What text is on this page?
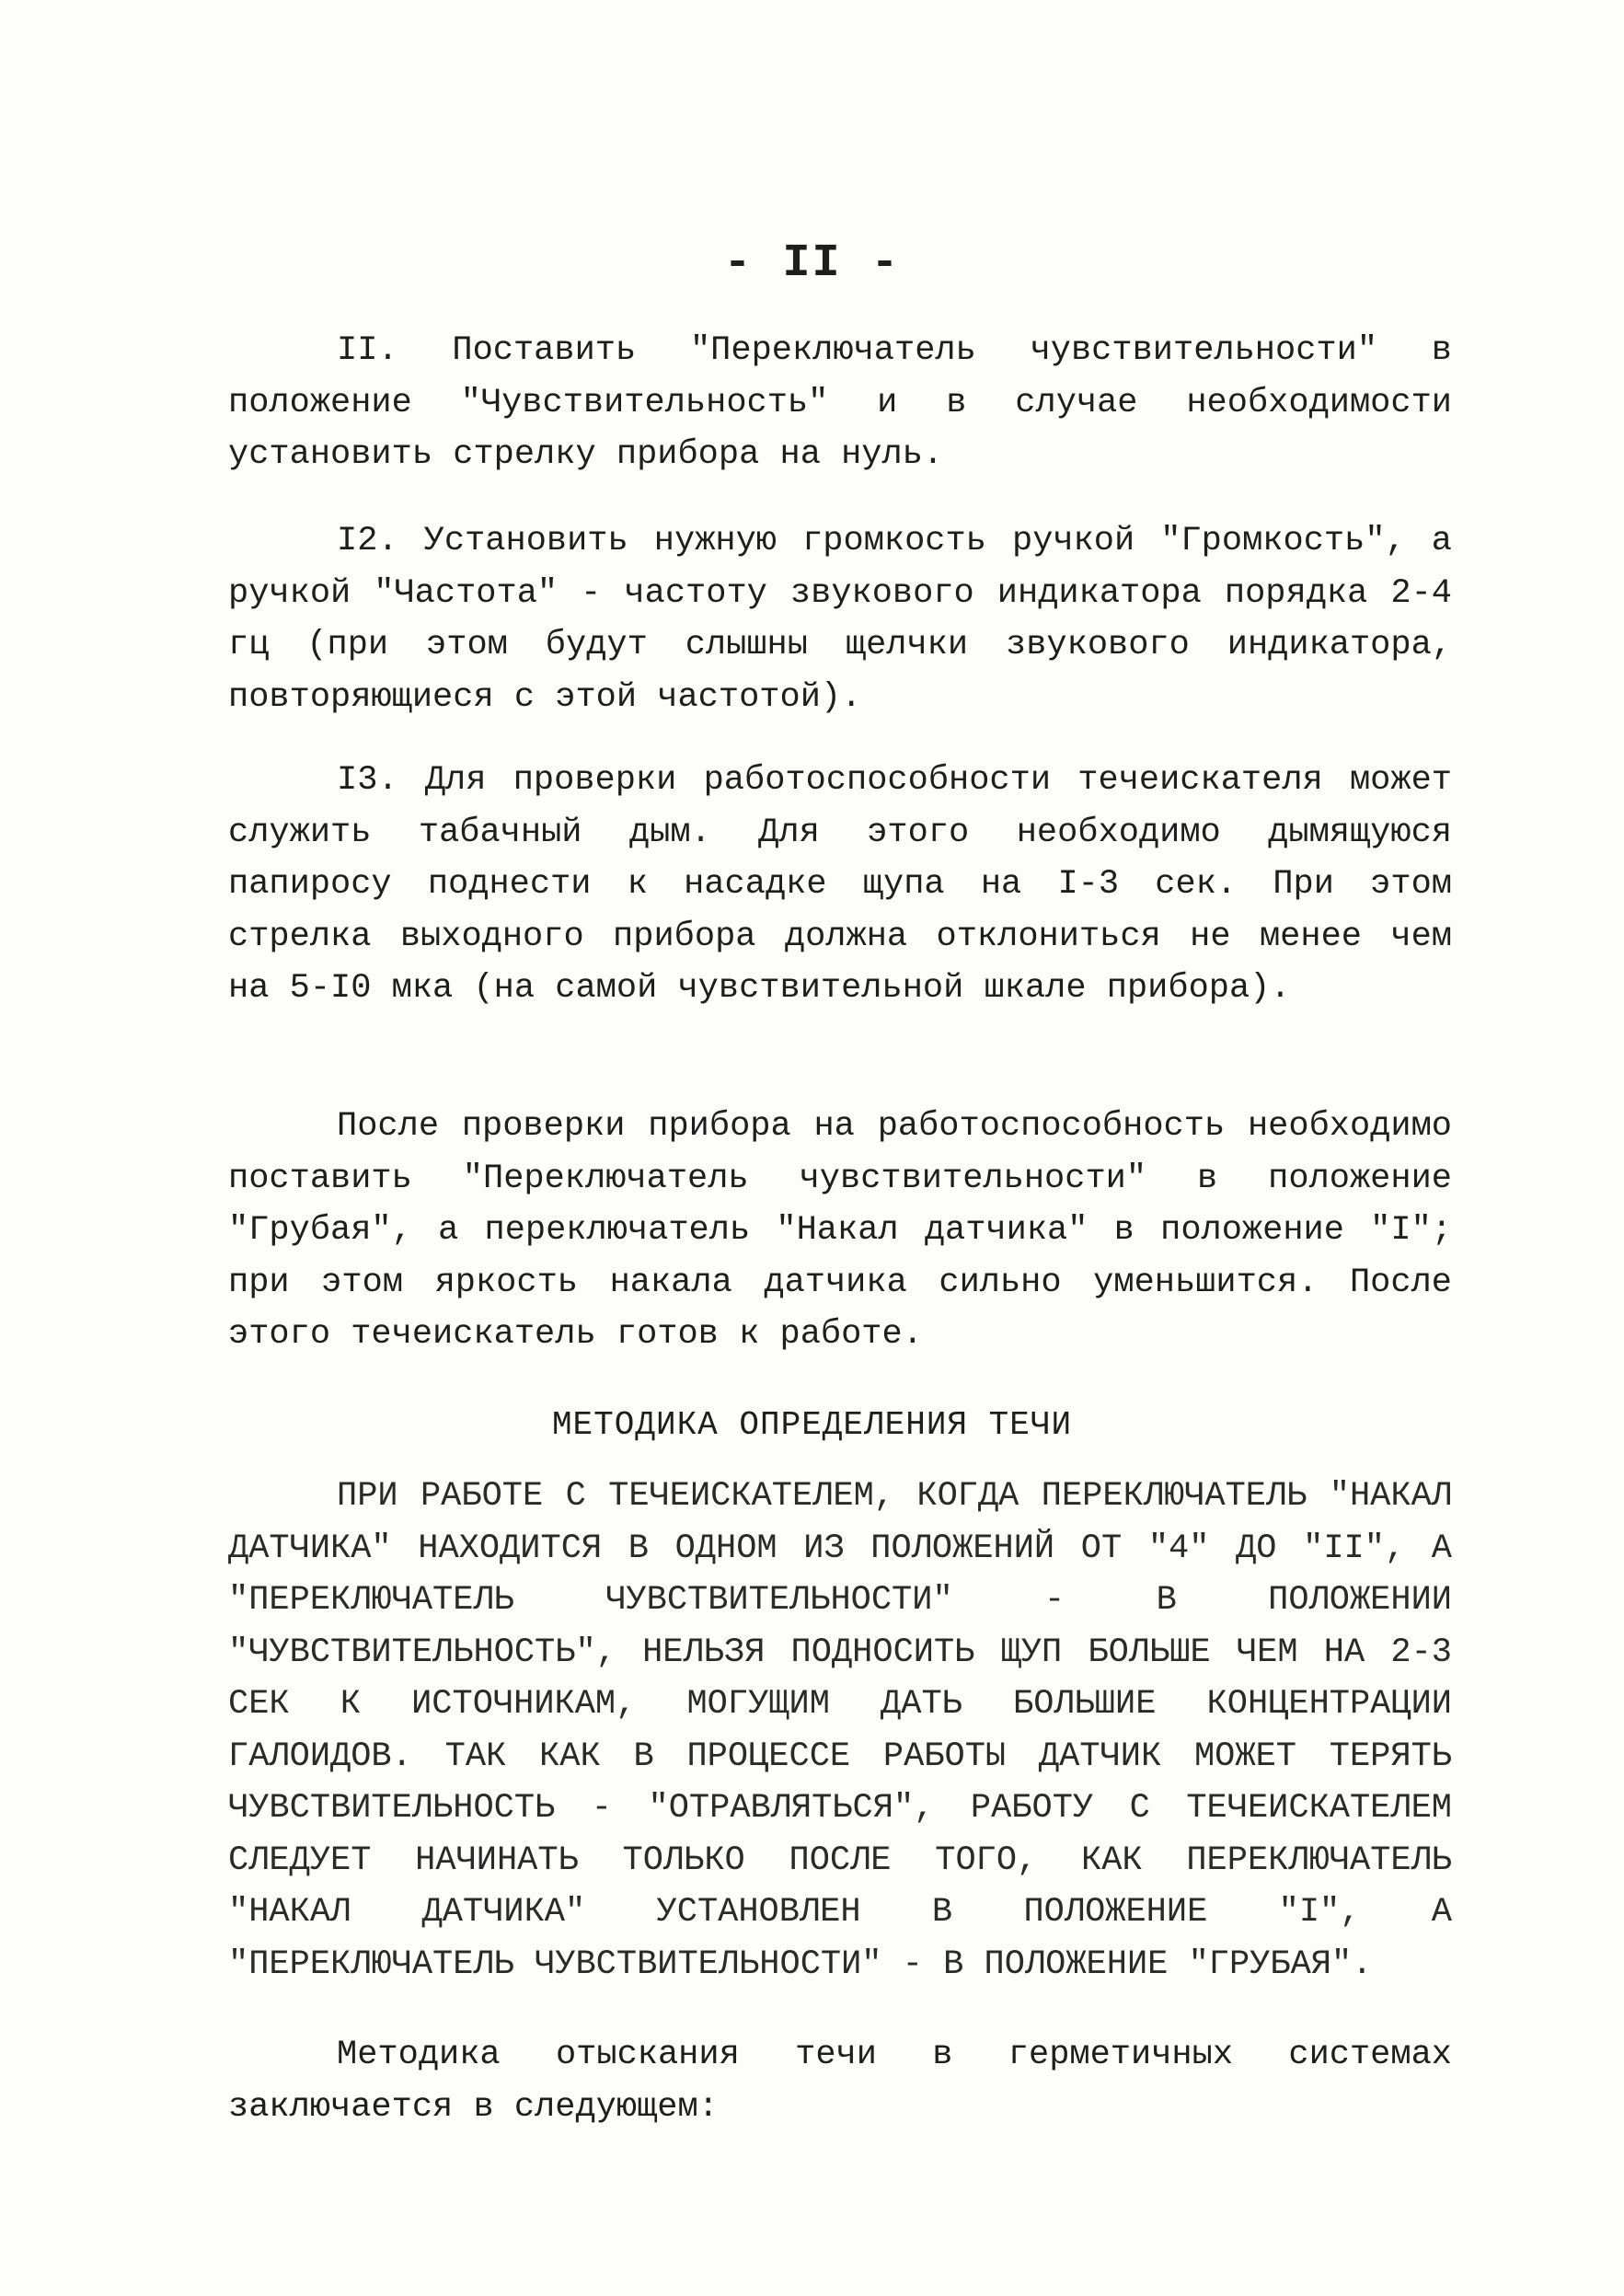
- II -

II. Поставить "Переключатель чувствительности" в положение "Чувствительность" и в случае необходимости установить стрелку прибора на нуль.

I2. Установить нужную громкость ручкой "Громкость", а ручкой "Частота" - частоту звукового индикатора порядка 2-4 гц (при этом будут слышны щелчки звукового индикатора, повторяющиеся с этой частотой).

I3. Для проверки работоспособности течеискателя может служить табачный дым. Для этого необходимо дымящуюся папиросу поднести к насадке щупа на I-3 сек. При этом стрелка выходного прибора должна отклониться не менее чем на 5-I0 мка (на самой чувствительной шкале прибора).

После проверки прибора на работоспособность необходимо поставить "Переключатель чувствительности" в положение "Грубая", а переключатель "Накал датчика" в положение "I"; при этом яркость накала датчика сильно уменьшится. После этого течеискатель готов к работе.

МЕТОДИКА ОПРЕДЕЛЕНИЯ ТЕЧИ

ПРИ РАБОТЕ С ТЕЧЕИСКАТЕЛЕМ, КОГДА ПЕРЕКЛЮЧАТЕЛЬ "НАКАЛ ДАТЧИКА" НАХОДИТСЯ В ОДНОМ ИЗ ПОЛОЖЕНИЙ ОТ "4" ДО "II", А "ПЕРЕКЛЮЧАТЕЛЬ ЧУВСТВИТЕЛЬНОСТИ" - В ПОЛОЖЕНИИ "ЧУВСТВИТЕЛЬНОСТЬ", НЕЛЬЗЯ ПОДНОСИТЬ ЩУП БОЛЬШЕ ЧЕМ НА 2-3 СЕК К ИСТОЧНИКАМ, МОГУЩИМ ДАТЬ БОЛЬШИЕ КОНЦЕНТРАЦИИ ГАЛОИДОВ. ТАК КАК В ПРОЦЕССЕ РАБОТЫ ДАТЧИК МОЖЕТ ТЕРЯТЬ ЧУВСТВИТЕЛЬНОСТЬ - "ОТРАВЛЯТЬСЯ", РАБОТУ С ТЕЧЕИСКАТЕЛЕМ СЛЕДУЕТ НАЧИНАТЬ ТОЛЬКО ПОСЛЕ ТОГО, КАК ПЕРЕКЛЮЧАТЕЛЬ "НАКАЛ ДАТЧИКА" УСТАНОВЛЕН В ПОЛОЖЕНИЕ "I", А "ПЕРЕКЛЮЧАТЕЛЬ ЧУВСТВИТЕЛЬНОСТИ" - В ПОЛОЖЕНИЕ "ГРУБАЯ".

Методика отыскания течи в герметичных системах заключается в следующем:
